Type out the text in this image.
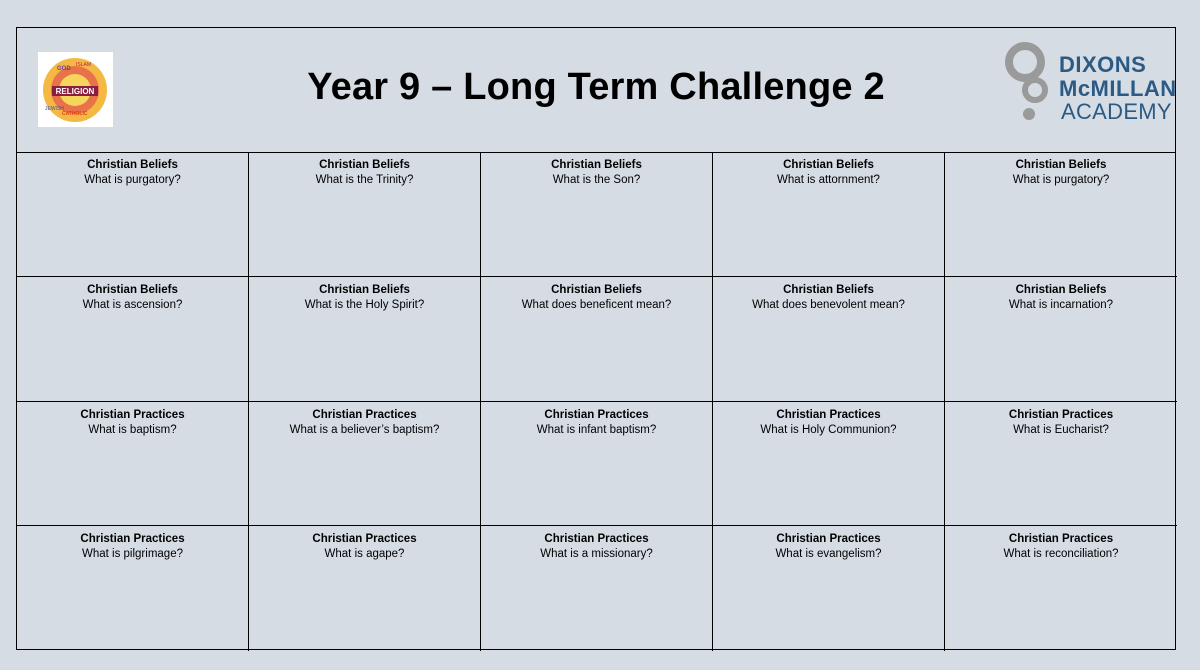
RELIGION
GOD
ISLAM
JEWISH
CATHOLIC
Year 9 – Long Term Challenge 2
DIXONS
McMILLAN
ACADEMY
Christian Beliefs
What is purgatory?
Christian Beliefs
What is the Trinity?
Christian Beliefs
What is the Son?
Christian Beliefs
What is attornment?
Christian Beliefs
What is purgatory?
Christian Beliefs
What is ascension?
Christian Beliefs
What is the Holy Spirit?
Christian Beliefs
What does beneficent mean?
Christian Beliefs
What does benevolent mean?
Christian Beliefs
What is incarnation?
Christian Practices
What is baptism?
Christian Practices
What is a believer’s baptism?
Christian Practices
What is infant baptism?
Christian Practices
What is Holy Communion?
Christian Practices
What is Eucharist?
Christian Practices
What is pilgrimage?
Christian Practices
What is agape?
Christian Practices
What is a missionary?
Christian Practices
What is evangelism?
Christian Practices
What is reconciliation?
